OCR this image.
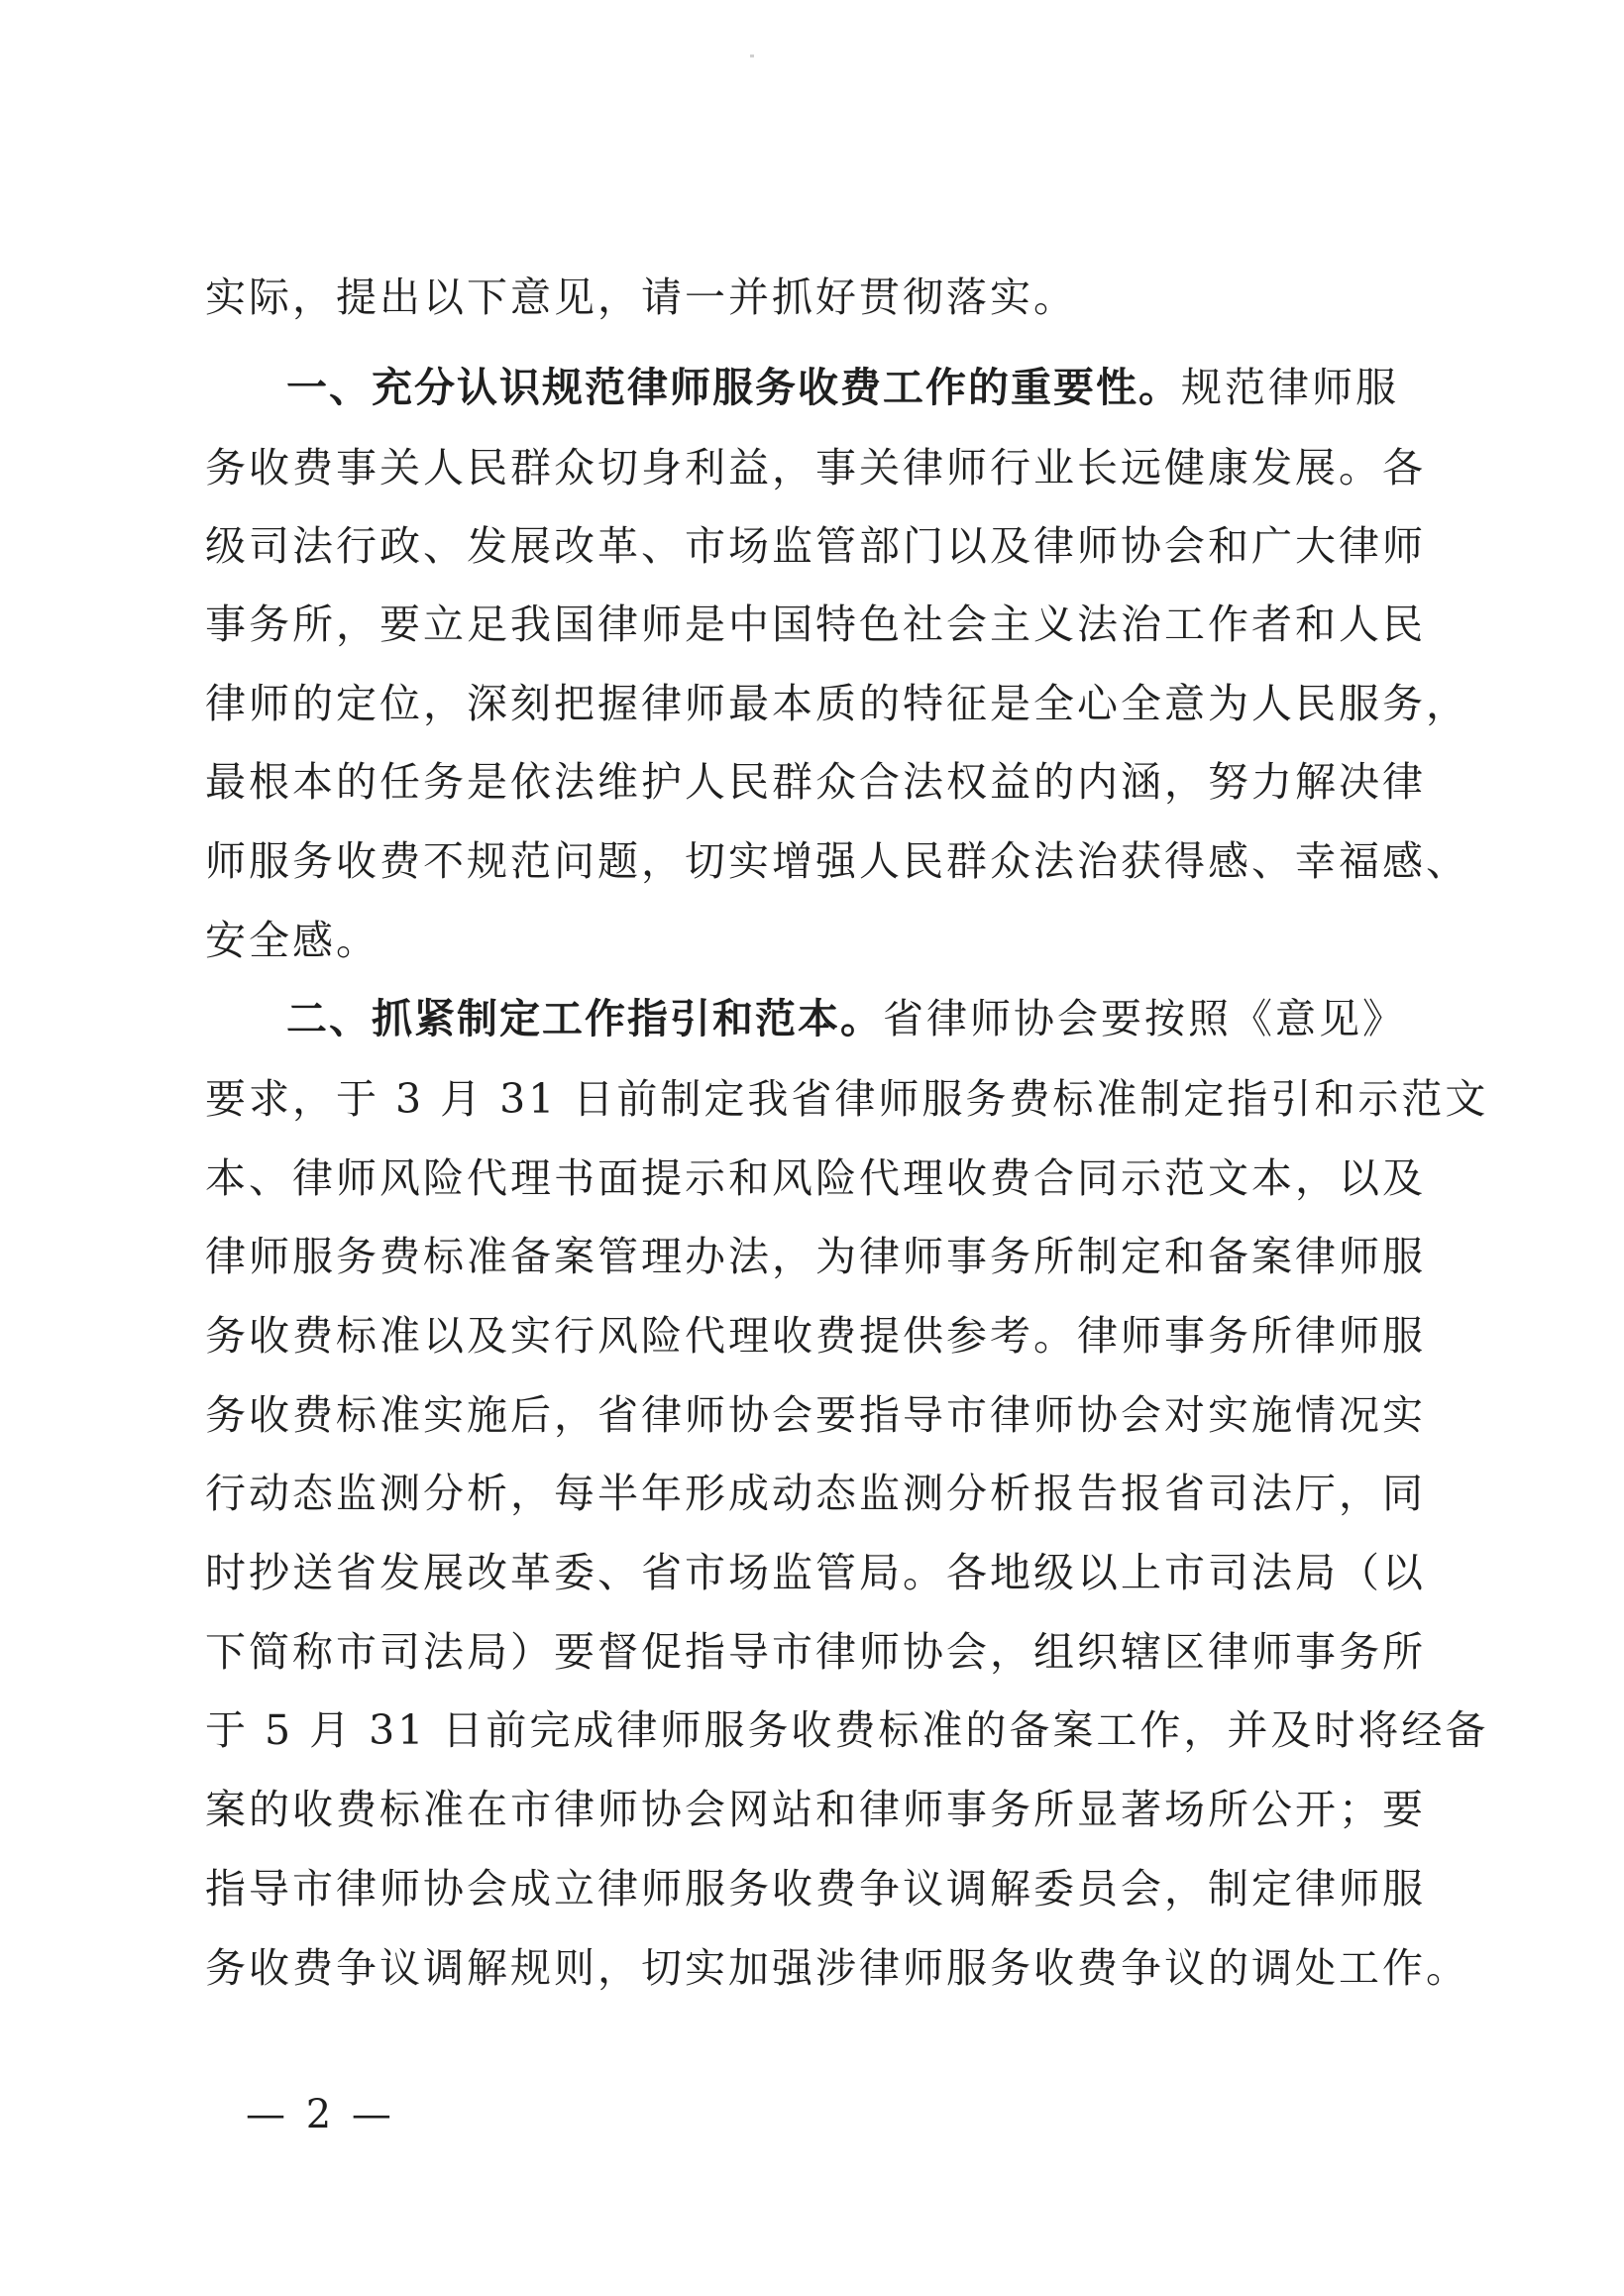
实际，提出以下意见，请一并抓好贯彻落实。
一、充分认识规范律师服务收费工作的重要性。规范律师服
务收费事关人民群众切身利益，事关律师行业长远健康发展。各
级司法行政、发展改革、市场监管部门以及律师协会和广大律师
事务所，要立足我国律师是中国特色社会主义法治工作者和人民
律师的定位，深刻把握律师最本质的特征是全心全意为人民服务，
最根本的任务是依法维护人民群众合法权益的内涵，努力解决律
师服务收费不规范问题，切实增强人民群众法治获得感、幸福感、
安全感。
二、抓紧制定工作指引和范本。省律师协会要按照《意见》
要求，于 3 月 31 日前制定我省律师服务费标准制定指引和示范文
本、律师风险代理书面提示和风险代理收费合同示范文本，以及
律师服务费标准备案管理办法，为律师事务所制定和备案律师服
务收费标准以及实行风险代理收费提供参考。律师事务所律师服
务收费标准实施后，省律师协会要指导市律师协会对实施情况实
行动态监测分析，每半年形成动态监测分析报告报省司法厅，同
时抄送省发展改革委、省市场监管局。各地级以上市司法局（以
下简称市司法局）要督促指导市律师协会，组织辖区律师事务所
于 5 月 31 日前完成律师服务收费标准的备案工作，并及时将经备
案的收费标准在市律师协会网站和律师事务所显著场所公开；要
指导市律师协会成立律师服务收费争议调解委员会，制定律师服
务收费争议调解规则，切实加强涉律师服务收费争议的调处工作。
— 2 —
